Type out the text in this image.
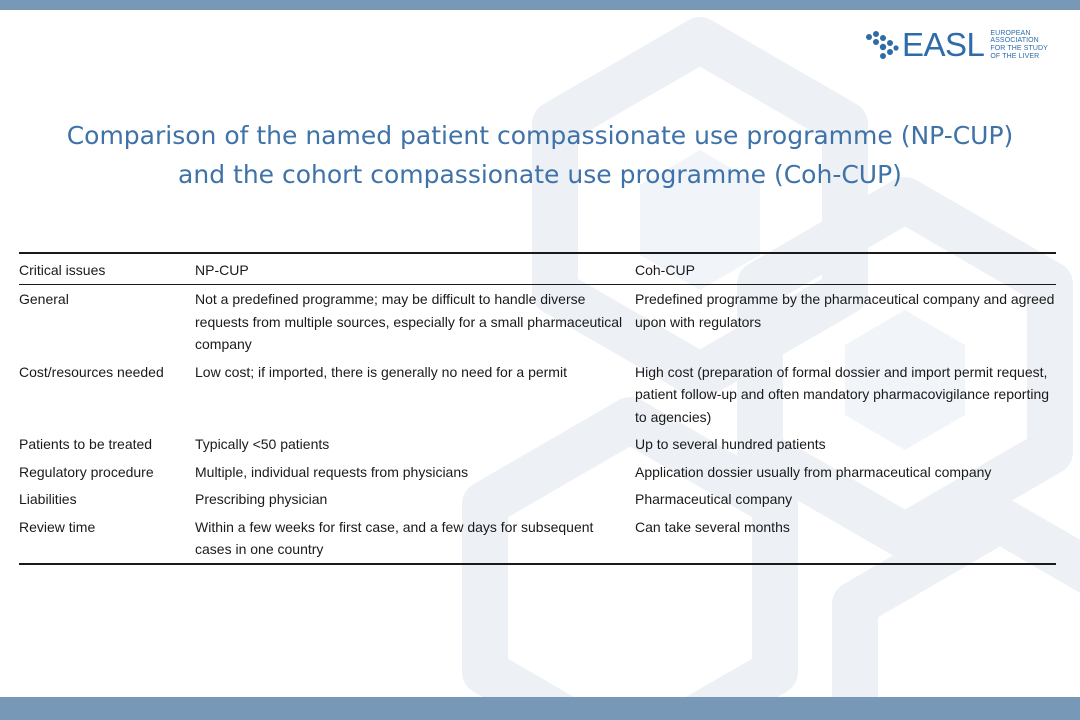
EASL EUROPEAN
ASSOCIATION
FOR THE STUDY
OF THE LIVER
Comparison of the named patient compassionate use programme (NP-CUP) and the cohort compassionate use programme (Coh-CUP)
Critical issues	NP-CUP	Coh-CUP
General	Not a predefined programme; may be difficult to handle diverse requests from multiple sources, especially for a small pharmaceutical company	Predefined programme by the pharmaceutical company and agreed upon with regulators
Cost/resources needed	Low cost; if imported, there is generally no need for a permit	High cost (preparation of formal dossier and import permit request, patient follow-up and often mandatory pharmacovigilance reporting to agencies)
Patients to be treated	Typically <50 patients	Up to several hundred patients
Regulatory procedure	Multiple, individual requests from physicians	Application dossier usually from pharmaceutical company
Liabilities	Prescribing physician	Pharmaceutical company
Review time	Within a few weeks for first case, and a few days for subsequent cases in one country	Can take several months
